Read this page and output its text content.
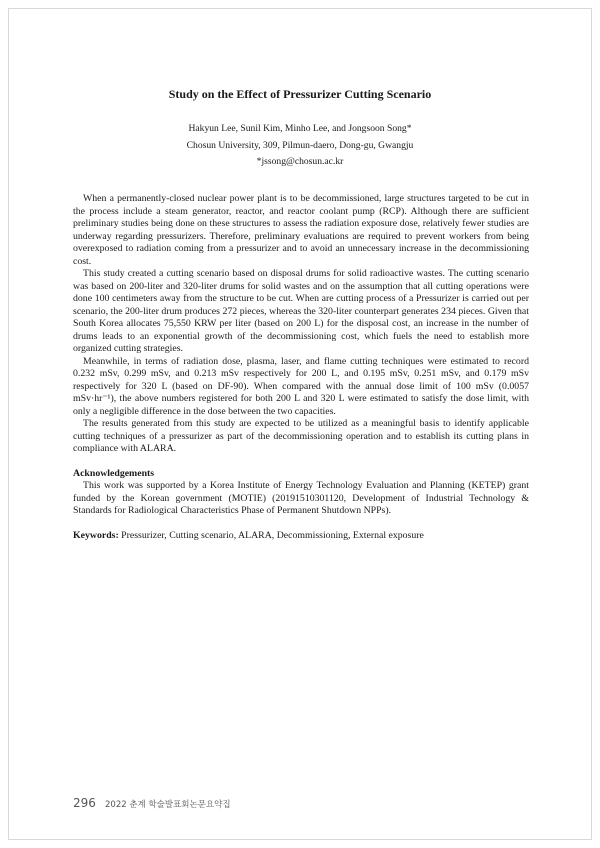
Study on the Effect of Pressurizer Cutting Scenario
Hakyun Lee, Sunil Kim, Minho Lee, and Jongsoon Song*
Chosun University, 309, Pilmun-daero, Dong-gu, Gwangju
*jssong@chosun.ac.kr

When a permanently-closed nuclear power plant is to be decommissioned, large structures targeted to be cut in the process include a steam generator, reactor, and reactor coolant pump (RCP). Although there are sufficient preliminary studies being done on these structures to assess the radiation exposure dose, relatively fewer studies are underway regarding pressurizers. Therefore, preliminary evaluations are required to prevent workers from being overexposed to radiation coming from a pressurizer and to avoid an unnecessary increase in the decommissioning cost.

This study created a cutting scenario based on disposal drums for solid radioactive wastes. The cutting scenario was based on 200-liter and 320-liter drums for solid wastes and on the assumption that all cutting operations were done 100 centimeters away from the structure to be cut. When are cutting process of a Pressurizer is carried out per scenario, the 200-liter drum produces 272 pieces, whereas the 320-liter counterpart generates 234 pieces. Given that South Korea allocates 75,550 KRW per liter (based on 200 L) for the disposal cost, an increase in the number of drums leads to an exponential growth of the decommissioning cost, which fuels the need to establish more organized cutting strategies.

Meanwhile, in terms of radiation dose, plasma, laser, and flame cutting techniques were estimated to record 0.232 mSv, 0.299 mSv, and 0.213 mSv respectively for 200 L, and 0.195 mSv, 0.251 mSv, and 0.179 mSv respectively for 320 L (based on DF-90). When compared with the annual dose limit of 100 mSv (0.0057 mSv·hr⁻¹), the above numbers registered for both 200 L and 320 L were estimated to satisfy the dose limit, with only a negligible difference in the dose between the two capacities.

The results generated from this study are expected to be utilized as a meaningful basis to identify applicable cutting techniques of a pressurizer as part of the decommissioning operation and to establish its cutting plans in compliance with ALARA.

Acknowledgements

This work was supported by a Korea Institute of Energy Technology Evaluation and Planning (KETEP) grant funded by the Korean government (MOTIE) (20191510301120, Development of Industrial Technology & Standards for Radiological Characteristics Phase of Permanent Shutdown NPPs).

Keywords: Pressurizer, Cutting scenario, ALARA, Decommissioning, External exposure
296 2022 춘계 학술발표회논문요약집
